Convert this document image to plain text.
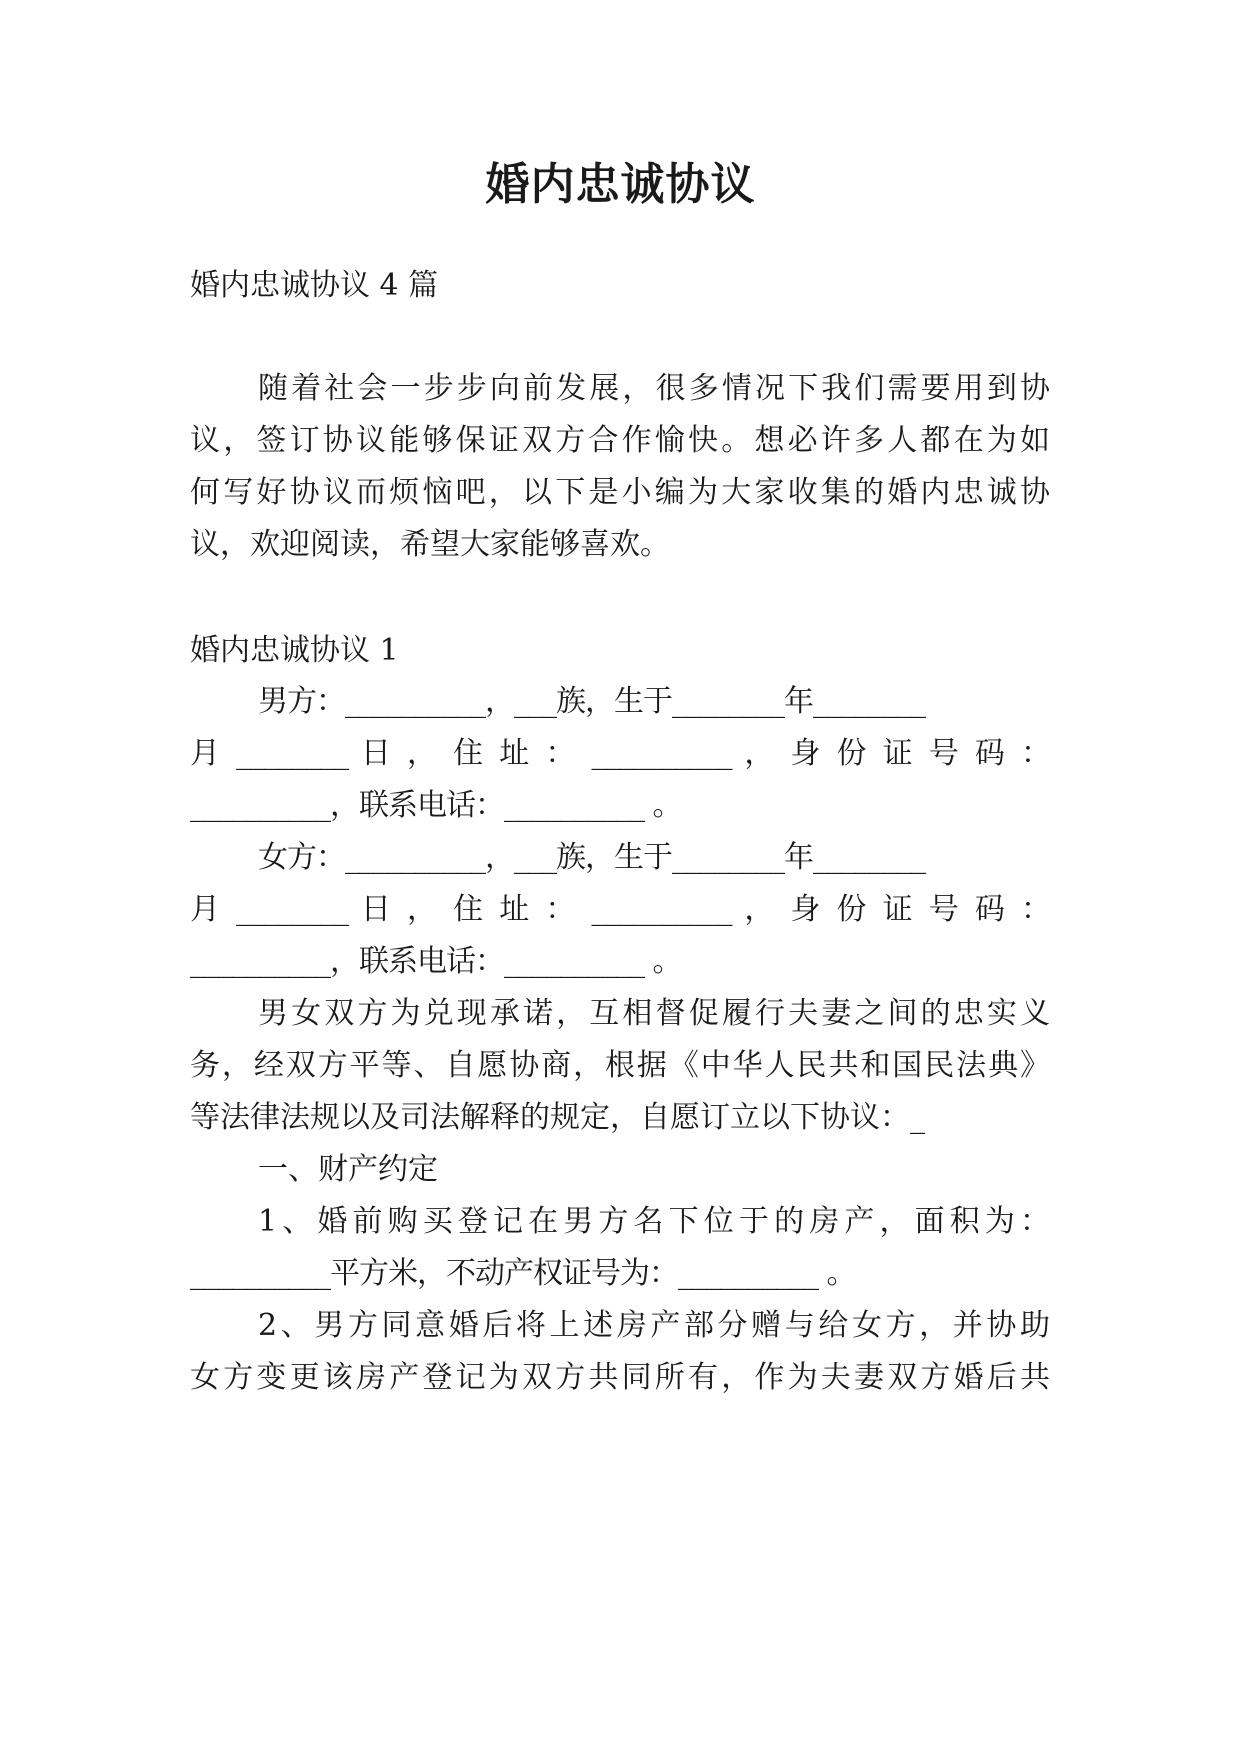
婚内忠诚协议
婚内忠诚协议 4 篇
随着社会一步步向前发展，很多情况下我们需要用到协
议，签订协议能够保证双方合作愉快。想必许多人都在为如
何写好协议而烦恼吧，以下是小编为大家收集的婚内忠诚协
议，欢迎阅读，希望大家能够喜欢。
婚内忠诚协议 1
男方：__________，___族，生于________年________
月 ________ 日 ， 住 址 ： __________ ， 身 份 证 号 码 ：
__________，联系电话：__________ 。
女方：__________，___族，生于________年________
月 ________ 日 ， 住 址 ： __________ ， 身 份 证 号 码 ：
__________，联系电话：__________ 。
男女双方为兑现承诺，互相督促履行夫妻之间的忠实义
务，经双方平等、自愿协商，根据《中华人民共和国民法典》
等法律法规以及司法解释的规定，自愿订立以下协议：_
一、财产约定
1、婚前购买登记在男方名下位于的房产，面积为：
__________平方米，不动产权证号为：__________ 。
2、男方同意婚后将上述房产部分赠与给女方，并协助
女方变更该房产登记为双方共同所有，作为夫妻双方婚后共
